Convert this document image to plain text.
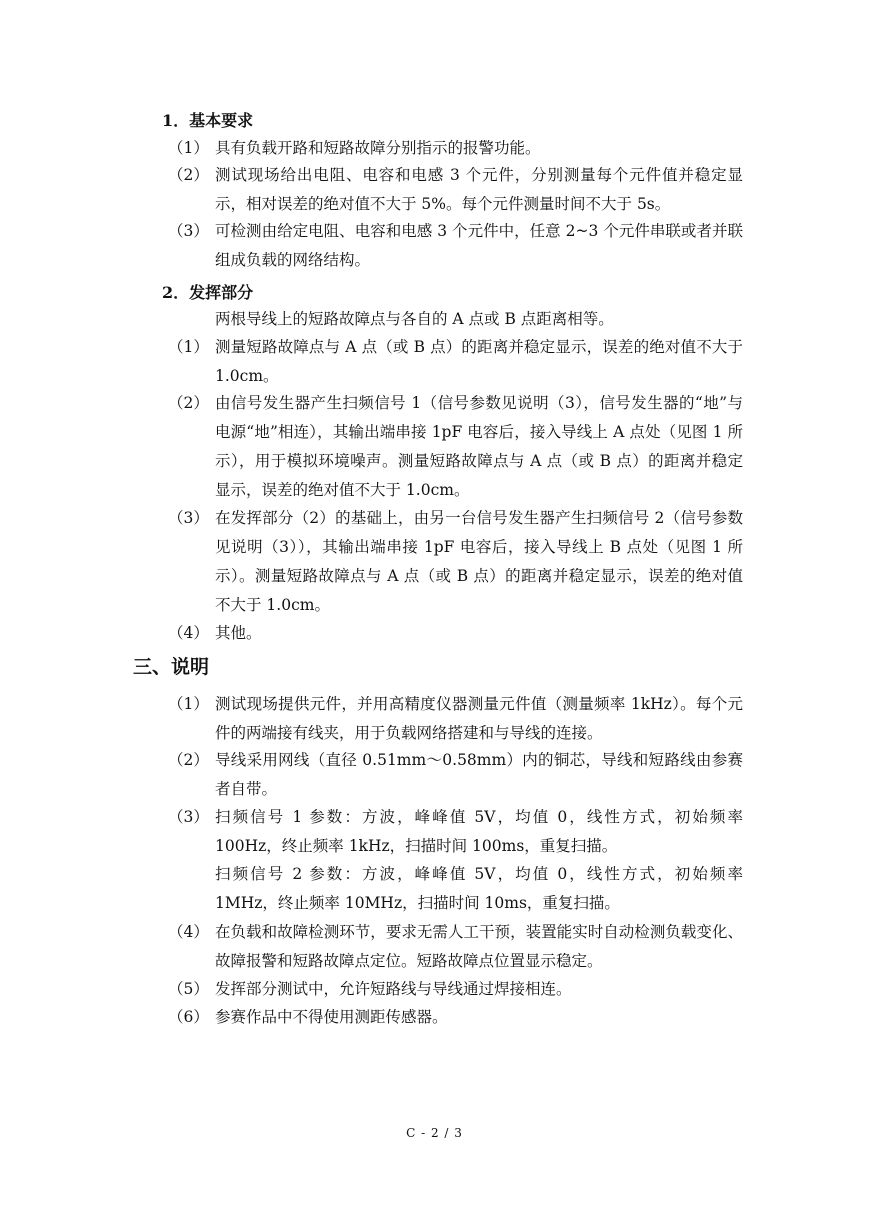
1．基本要求
（1） 具有负载开路和短路故障分别指示的报警功能。
（2） 测试现场给出电阻、电容和电感 3 个元件，分别测量每个元件值并稳定显示，相对误差的绝对值不大于 5%。每个元件测量时间不大于 5s。
（3） 可检测由给定电阻、电容和电感 3 个元件中，任意 2~3 个元件串联或者并联组成负载的网络结构。
2．发挥部分
两根导线上的短路故障点与各自的 A 点或 B 点距离相等。
（1） 测量短路故障点与 A 点（或 B 点）的距离并稳定显示，误差的绝对值不大于 1.0cm。
（2） 由信号发生器产生扫频信号 1（信号参数见说明（3），信号发生器的“地”与电源“地”相连），其输出端串接 1pF 电容后，接入导线上 A 点处（见图 1 所示），用于模拟环境噪声。测量短路故障点与 A 点（或 B 点）的距离并稳定显示，误差的绝对值不大于 1.0cm。
（3） 在发挥部分（2）的基础上，由另一台信号发生器产生扫频信号 2（信号参数见说明（3）），其输出端串接 1pF 电容后，接入导线上 B 点处（见图 1 所示）。测量短路故障点与 A 点（或 B 点）的距离并稳定显示，误差的绝对值不大于 1.0cm。
（4） 其他。
三、说明
（1） 测试现场提供元件，并用高精度仪器测量元件值（测量频率 1kHz）。每个元件的两端接有线夹，用于负载网络搭建和与导线的连接。
（2） 导线采用网线（直径 0.51mm～0.58mm）内的铜芯，导线和短路线由参赛者自带。
（3） 扫频信号 1 参数：方波，峰峰值 5V，均值 0，线性方式，初始频率 100Hz，终止频率 1kHz，扫描时间 100ms，重复扫描。
扫频信号 2 参数：方波，峰峰值 5V，均值 0，线性方式，初始频率 1MHz，终止频率 10MHz，扫描时间 10ms，重复扫描。
（4） 在负载和故障检测环节，要求无需人工干预，装置能实时自动检测负载变化、故障报警和短路故障点定位。短路故障点位置显示稳定。
（5） 发挥部分测试中，允许短路线与导线通过焊接相连。
（6） 参赛作品中不得使用测距传感器。
C - 2 / 3
